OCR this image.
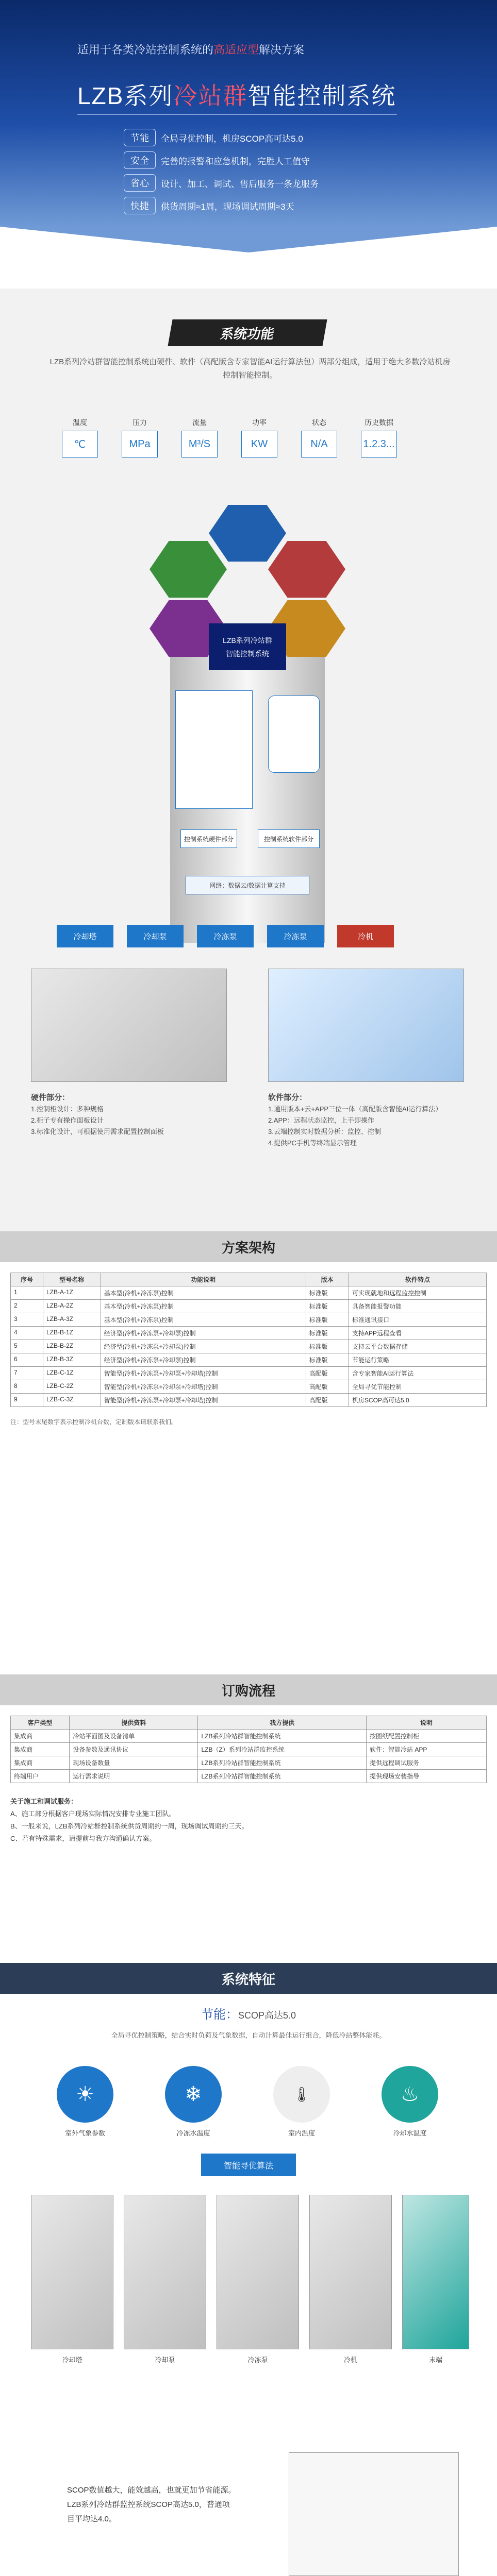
适用于各类冷站控制系统的高适应型解决方案
LZB系列冷站群智能控制系统
节能	全局寻优控制，机房SCOP高可达5.0
安全	完善的报警和应急机制，完胜人工值守
省心	设计、加工、调试、售后服务一条龙服务
快捷	供货周期≈1周，现场调试周期≈3天
系统功能
LZB系列冷站群智能控制系统由硬件、软件（高配版含专家智能AI运行算法包）两部分组成，适用于绝大多数冷站机房控制智能控制。
温度
℃
压力
MPa
流量
M³/S
功率
KW
状态
N/A
历史数据
1.2.3...
LZB系列冷站群
智能控制系统
控制系统硬件部分	控制系统软件部分
网络：数据云/数据计算支持
冷却塔	冷却泵	冷冻泵	冷冻泵	冷机
硬件部分：
1.控制柜设计：多种规格
2.柜子专有操作面板设计
3.标准化设计，可根据使用需求配置控制面板
软件部分：
1.通用版本+云+APP三位一体（高配版含智能AI运行算法）
2.APP：远程状态监控，上手即操作
3.云端控制实时数据分析：监控、控制
4.提供PC手机等终端显示管理
方案架构
序号	型号名称	功能说明	版本	软件特点
1	LZB-A-1Z	基本型(冷机+冷冻泵)控制	标准版	可实现就地和远程监控控制
2	LZB-A-2Z	基本型(冷机+冷冻泵)控制	标准版	具备智能报警功能
3	LZB-A-3Z	基本型(冷机+冷冻泵)控制	标准版	标准通讯接口
4	LZB-B-1Z	经济型(冷机+冷冻泵+冷却泵)控制	标准版	支持APP远程查看
5	LZB-B-2Z	经济型(冷机+冷冻泵+冷却泵)控制	标准版	支持云平台数据存储
6	LZB-B-3Z	经济型(冷机+冷冻泵+冷却泵)控制	标准版	节能运行策略
7	LZB-C-1Z	智能型(冷机+冷冻泵+冷却泵+冷却塔)控制	高配版	含专家智能AI运行算法
8	LZB-C-2Z	智能型(冷机+冷冻泵+冷却泵+冷却塔)控制	高配版	全局寻优节能控制
9	LZB-C-3Z	智能型(冷机+冷冻泵+冷却泵+冷却塔)控制	高配版	机房SCOP高可达5.0
注：型号末尾数字表示控制冷机台数，定制版本请联系我们。
订购流程
客户类型	提供资料	我方提供	说明
集成商	冷站平面图及设备清单	LZB系列冷站群智能控制系统	按图纸配置控制柜
集成商	设备参数及通讯协议	LZB（Z）系列冷站群监控系统	软件：智能冷站 APP
集成商	现场设备数量	LZB系列冷站群智能控制系统	提供远程调试服务
终端用户	运行需求说明	LZB系列冷站群智能控制系统	提供现场安装指导
关于施工和调试服务：
A、施工部分根据客户现场实际情况安排专业施工团队。
B、一般来说，LZB系列冷站群控制系统供货周期约一周，现场调试周期约三天。
C、若有特殊需求，请提前与我方沟通确认方案。
系统特征
节能：SCOP高达5.0
全局寻优控制策略，结合实时负荷及气象数据，自动计算最佳运行组合，降低冷站整体能耗。
☀	❄	🌡	♨
室外气象参数	冷冻水温度	室内温度	冷却水温度
智能寻优算法
冷却塔	冷却泵	冷冻泵	冷机	末端
SCOP数值越大，能效越高，也就更加节省能源。
LZB系列冷站群监控系统SCOP高达5.0，普通项目平均达4.0。
